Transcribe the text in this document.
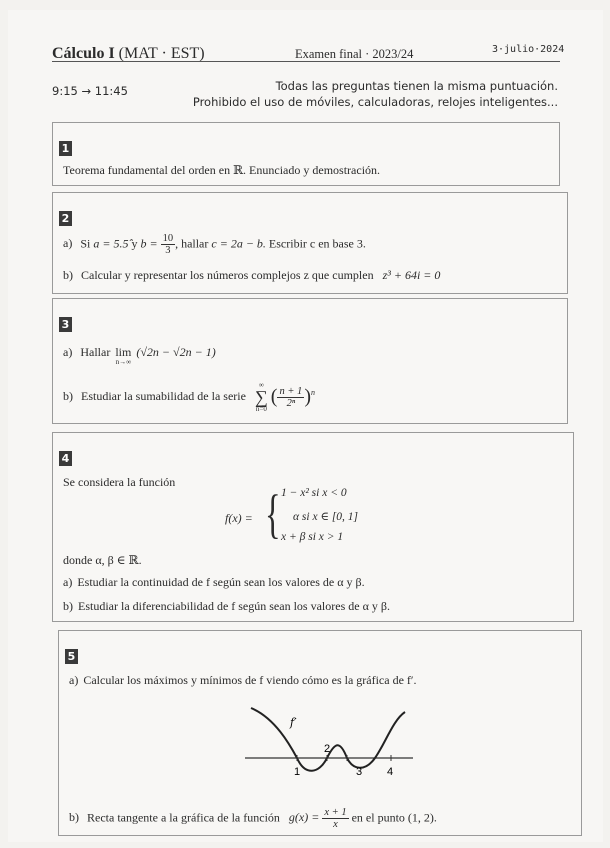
Cálculo I (MAT · EST)	Examen final · 2023/24	3·julio·2024
9:15 → 11:45	Todas las preguntas tienen la misma puntuación.
Prohibido el uso de móviles, calculadoras, relojes inteligentes...
1
Teorema fundamental del orden en ℝ. Enunciado y demostración.
2
a) Si a = 5.5̂ y $b = \frac{10}{3}$ , hallar c = 2a − b. Escribir c en base 3.
b) Calcular y representar los números complejos z que cumplen z³ + 64i = 0
3
a) Hallar lim
n→∞
(√2n − √2n − 1)
b) Estudiar la sumabilidad de la serie
∞
∑
n=0
( $\frac{n + 1}{\text{2ⁿ}} )^n$
4
Se considera la función
f(x) = { 1 − x² si x < 0
α si x ∈ [0, 1]
x + β si x > 1
donde α, β ∈ ℝ.
a) Estudiar la continuidad de f según sean los valores de α y β.
b) Estudiar la diferenciabilidad de f según sean los valores de α y β.
5
a) Calcular los máximos y mínimos de f viendo cómo es la gráfica de f′.
b) Recta tangente a la gráfica de la función $g(x) = \frac{x + 1}{x}$ en el punto (1, 2).
f′
1
2
3 4
